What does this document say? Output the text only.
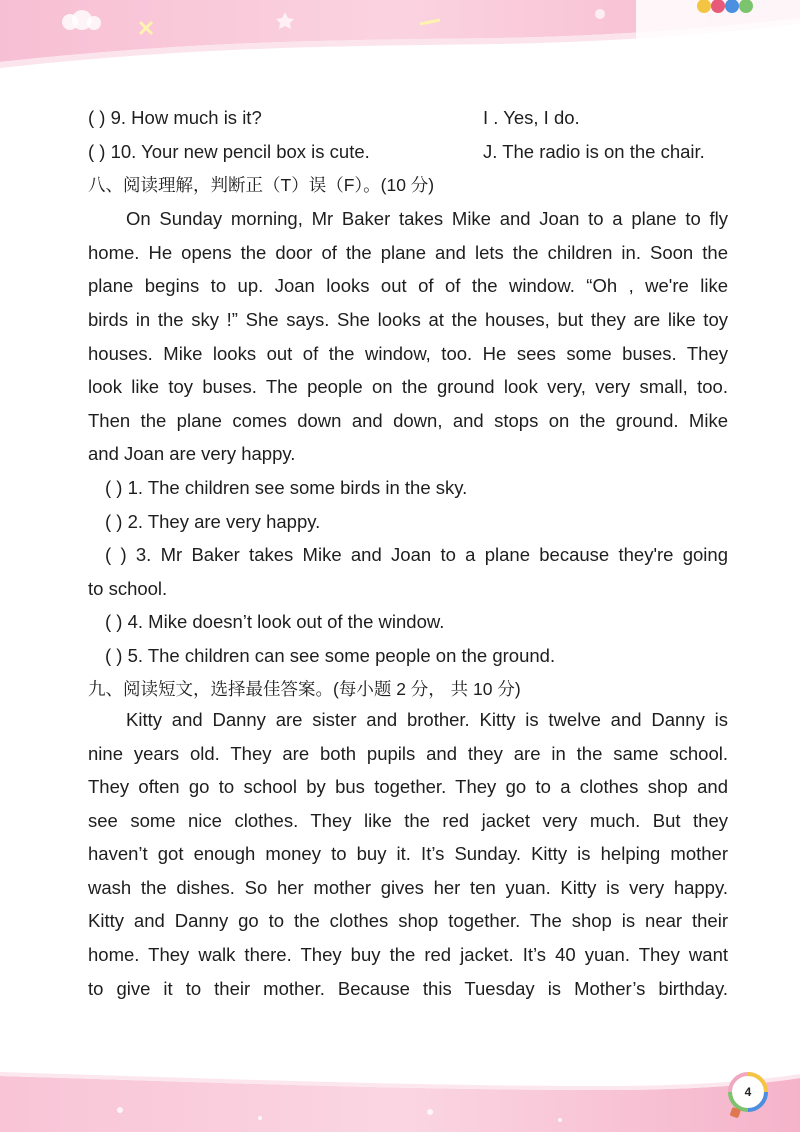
( ) 9. How much is it?	I . Yes, I do.
( ) 10. Your new pencil box is cute.	J. The radio is on the chair.
八、阅读理解，判断正（T）误（F）。(10 分)
On Sunday morning, Mr Baker takes Mike and Joan to a plane to fly
home. He opens the door of the plane and lets the children in. Soon the
plane begins to up. Joan looks out of of the window. “Oh , we're like
birds in the sky !” She says. She looks at the houses, but they are like toy
houses. Mike looks out of the window, too. He sees some buses. They
look like toy buses. The people on the ground look very, very small, too.
Then the plane comes down and down, and stops on the ground. Mike
and Joan are very happy.
( ) 1. The children see some birds in the sky.
( ) 2. They are very happy.
( ) 3. Mr Baker takes Mike and Joan to a plane because they're going
to school.
( ) 4. Mike doesn’t look out of the window.
( ) 5. The children can see some people on the ground.
九、阅读短文，选择最佳答案。(每小题 2 分， 共 10 分)
Kitty and Danny are sister and brother. Kitty is twelve and Danny is
nine years old. They are both pupils and they are in the same school.
They often go to school by bus together. They go to a clothes shop and
see some nice clothes. They like the red jacket very much. But they
haven’t got enough money to buy it. It’s Sunday. Kitty is helping mother
wash the dishes. So her mother gives her ten yuan. Kitty is very happy.
Kitty and Danny go to the clothes shop together. The shop is near their
home. They walk there. They buy the red jacket. It’s 40 yuan. They want
to give it to their mother. Because this Tuesday is Mother’s birthday.
4
